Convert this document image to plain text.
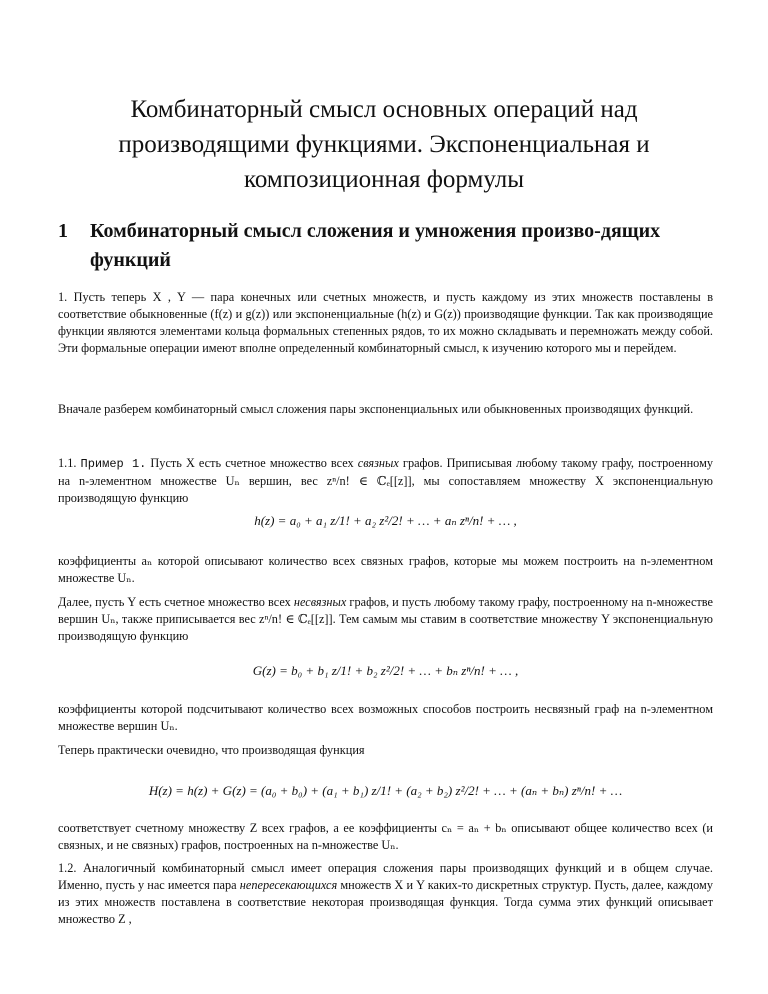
Комбинаторный смысл основных операций над производящими функциями. Экспоненциальная и композиционная формулы
1 Комбинаторный смысл сложения и умножения произво-дящих функций
1. Пусть теперь X , Y — пара конечных или счетных множеств, и пусть каждому из этих множеств поставлены в соответствие обыкновенные (f(z) и g(z)) или экспоненциальные (h(z) и G(z)) производящие функции. Так как производящие функции являются элементами кольца формальных степенных рядов, то их можно складывать и перемножать между собой. Эти формальные операции имеют вполне определенный комбинаторный смысл, к изучению которого мы и перейдем.
Вначале разберем комбинаторный смысл сложения пары экспоненциальных или обыкновенных производящих функций.
1.1. Пример 1. Пусть X есть счетное множество всех связных графов. Приписывая любому такому графу, построенному на n-элементном множестве Uₙ вершин, вес zⁿ/n! ∈ ℂₑ[[z]], мы сопоставляем множеству X экспоненциальную производящую функцию
h(z) = a₀ + a₁ z/1! + a₂ z²/2! + … + aₙ zⁿ/n! + … ,
коэффициенты aₙ которой описывают количество всех связных графов, которые мы можем построить на n-элементном множестве Uₙ.
Далее, пусть Y есть счетное множество всех несвязных графов, и пусть любому такому графу, построенному на n-множестве вершин Uₙ, также приписывается вес zⁿ/n! ∈ ℂₑ[[z]]. Тем самым мы ставим в соответствие множеству Y экспоненциальную производящую функцию
G(z) = b₀ + b₁ z/1! + b₂ z²/2! + … + bₙ zⁿ/n! + … ,
коэффициенты которой подсчитывают количество всех возможных способов построить несвязный граф на n-элементном множестве вершин Uₙ.
Теперь практически очевидно, что производящая функция
H(z) = h(z) + G(z) = (a₀ + b₀) + (a₁ + b₁) z/1! + (a₂ + b₂) z²/2! + … + (aₙ + bₙ) zⁿ/n! + …
соответствует счетному множеству Z всех графов, а ее коэффициенты cₙ = aₙ + bₙ описывают общее количество всех (и связных, и не связных) графов, построенных на n-множестве Uₙ.
1.2. Аналогичный комбинаторный смысл имеет операция сложения пары производящих функций и в общем случае. Именно, пусть у нас имеется пара непересекающихся множеств X и Y каких-то дискретных структур. Пусть, далее, каждому из этих множеств поставлена в соответствие некоторая производящая функция. Тогда сумма этих функций описывает множество Z ,
